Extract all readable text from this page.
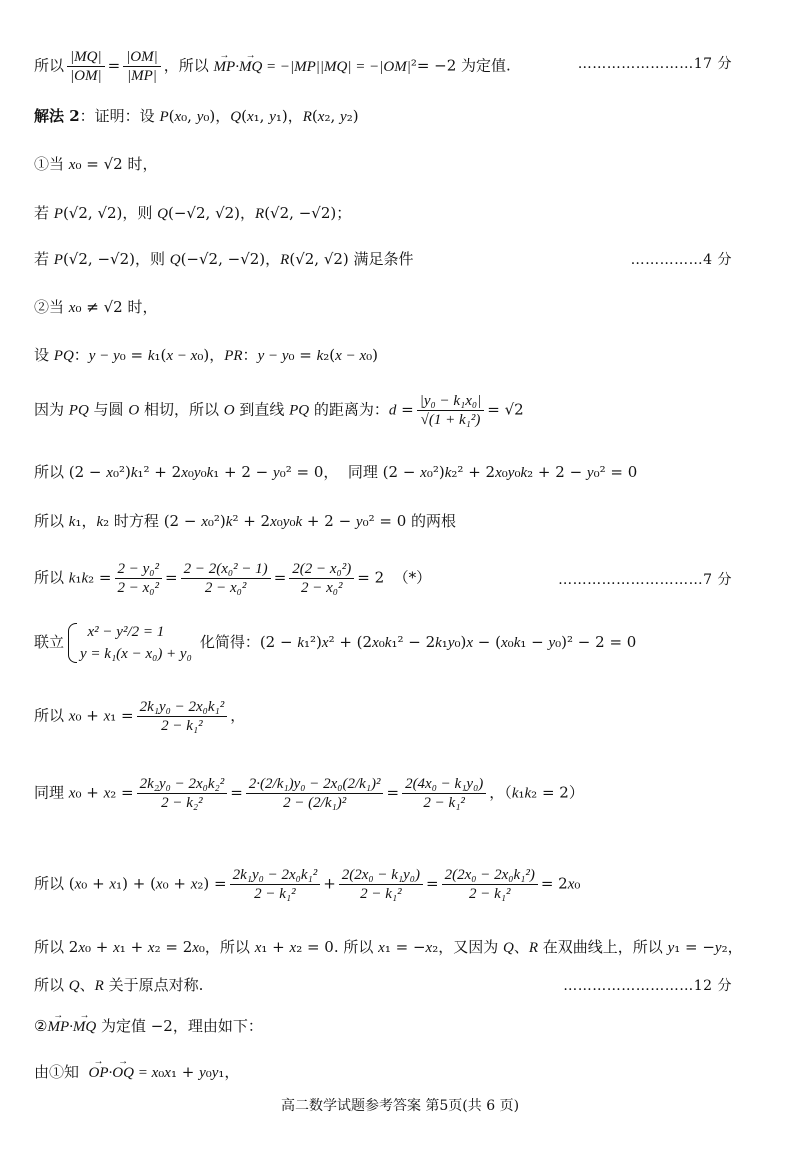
所以 $\frac{|MQ|}{|OM|} = \frac{|OM|}{|MP|}$ ，所以 → MP·→ MQ = −|MP||MQ| = −|OM|²= −2 为定值.	……………………17 分
解法 2：证明：设 P(x₀, y₀)，Q(x₁, y₁)，R(x₂, y₂)
①当 x₀ = √2 时，
若 P(√2, √2)，则 Q(−√2, √2)，R(√2, −√2)；
若 P(√2, −√2)，则 Q(−√2, −√2)，R(√2, √2) 满足条件	……………4 分
②当 x₀ ≠ √2 时，
设 PQ：y − y₀ = k₁(x − x₀)，PR：y − y₀ = k₂(x − x₀)
因为 PQ 与圆 O 相切，所以 O 到直线 PQ 的距离为：$d = \frac{\text{|y₀ − k₁x₀|}}{\text{√(1 + k₁²)}} = √2$
所以 (2 − x₀²)k₁² + 2x₀y₀k₁ + 2 − y₀² = 0，  同理 (2 − x₀²)k₂² + 2x₀y₀k₂ + 2 − y₀² = 0
所以 k₁，k₂ 时方程 (2 − x₀²)k² + 2x₀y₀k + 2 − y₀² = 0 的两根
所以 $k_1k_2 = \frac{\text{2 − y₀²}}{\text{2 − x₀²}} = \frac{\text{2 − 2(x₀² − 1)}}{\text{2 − x₀²}} = \frac{\text{2(2 − x₀²)}}{\text{2 − x₀²}} = 2$  （*）	…………………………7 分
联立
x² − y²/2 = 1
y = k₁(x − x₀) + y₀
化简得：(2 − k₁²)x² + (2x₀k₁² − 2k₁y₀)x − (x₀k₁ − y₀)² − 2 = 0
所以 $x_0 + x_1 = \frac{\text{2k₁y₀ − 2x₀k₁²}}{\text{2 − k₁²}}$ ，
同理 $x_0 + x_2 = \frac{\text{2k₂y₀ − 2x₀k₂²}}{\text{2 − k₂²}} = \frac{\text{2·(2/k₁)y₀ − 2x₀(2/k₁)²}}{\text{2 − (2/k₁)²}} = \frac{\text{2(4x₀ − k₁y₀)}}{\text{2 − k₁²}}$ ，（k₁k₂ = 2）
所以 $(x_0 + x_1) + (x_0 + x_2) = \frac{\text{2k₁y₀ − 2x₀k₁²}}{\text{2 − k₁²}} + \frac{\text{2(2x₀ − k₁y₀)}}{\text{2 − k₁²}} = \frac{\text{2(2x₀ − 2x₀k₁²)}}{\text{2 − k₁²}} = 2x_0$
所以 2x₀ + x₁ + x₂ = 2x₀，所以 x₁ + x₂ = 0. 所以 x₁ = −x₂，又因为 Q、R 在双曲线上，所以 y₁ = −y₂，
所以 Q、R 关于原点对称.	………………………12 分
②→ MP·→ MQ 为定值 −2，理由如下：
由①知  → OP·→ OQ = x₀x₁ + y₀y₁，
高二数学试题参考答案 第5页(共 6 页)
